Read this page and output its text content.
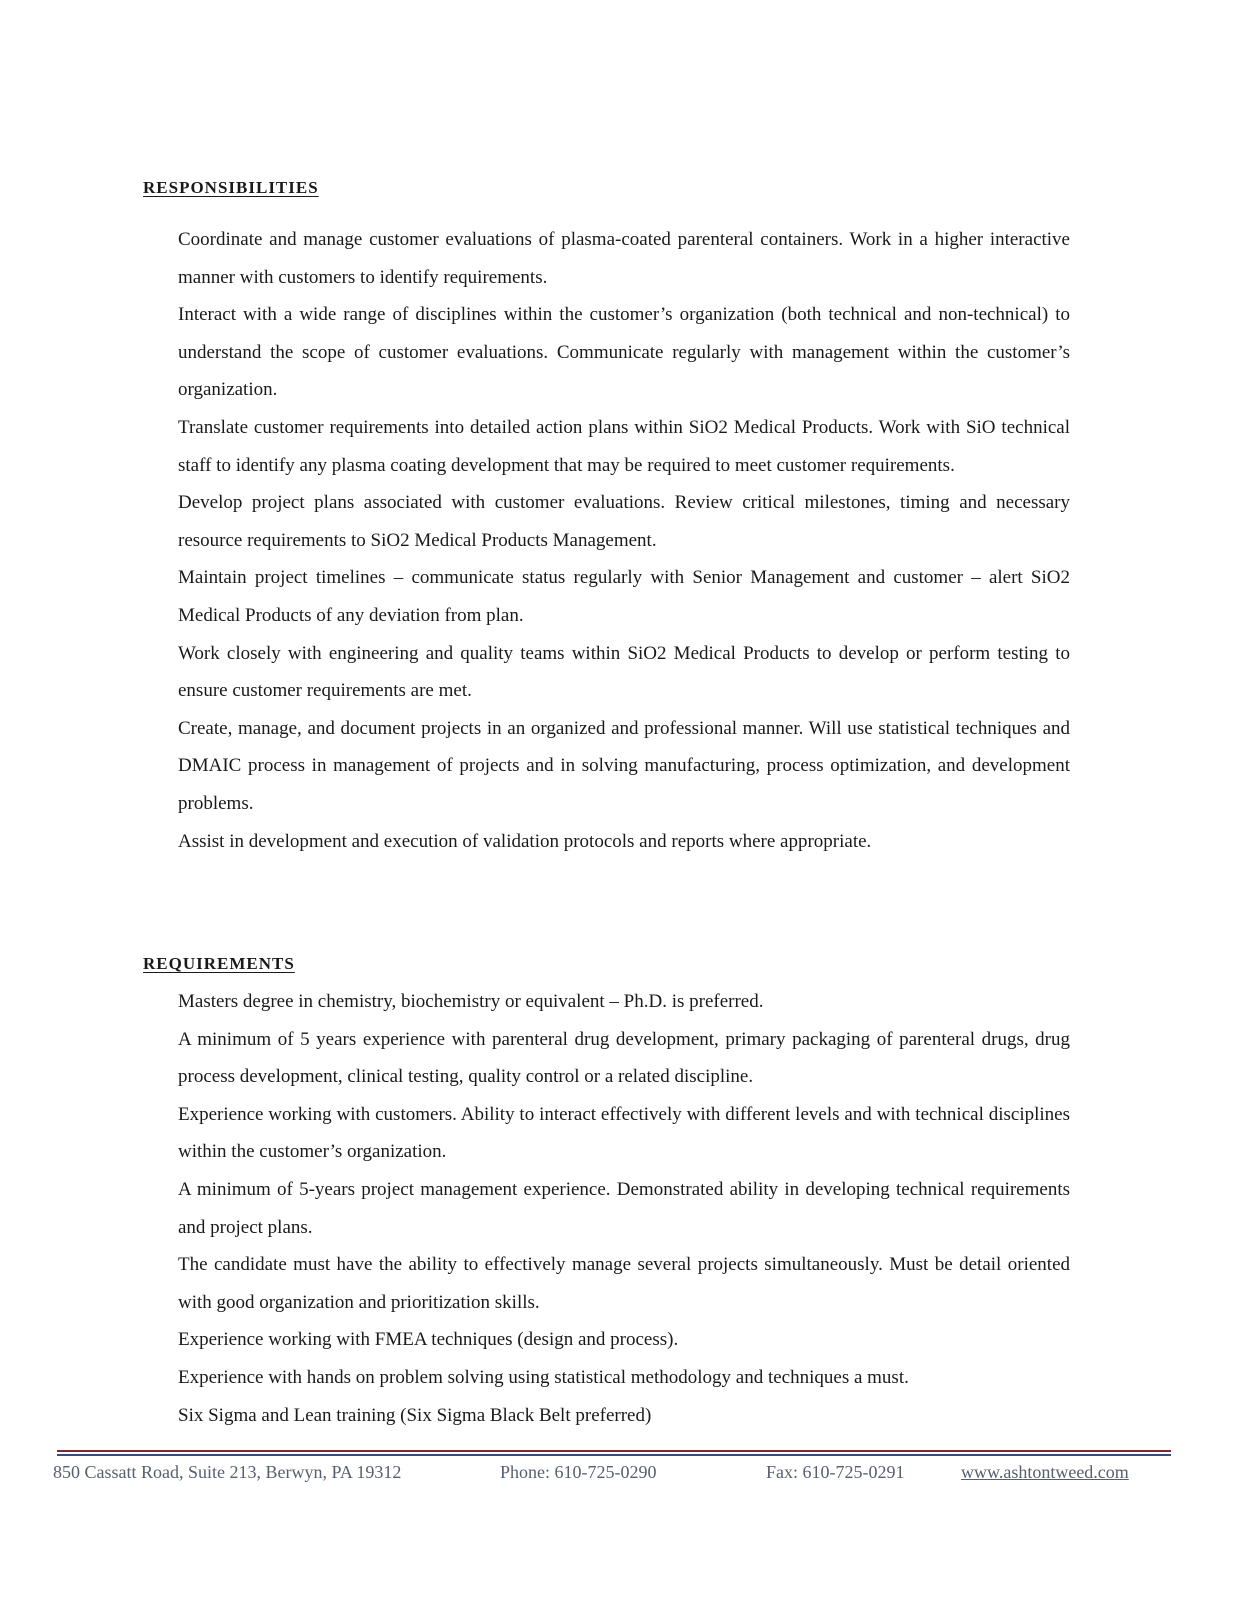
RESPONSIBILITIES
Coordinate and manage customer evaluations of plasma-coated parenteral containers. Work in a higher interactive manner with customers to identify requirements.
Interact with a wide range of disciplines within the customer’s organization (both technical and non-technical) to understand the scope of customer evaluations. Communicate regularly with management within the customer’s organization.
Translate customer requirements into detailed action plans within SiO2 Medical Products. Work with SiO technical staff to identify any plasma coating development that may be required to meet customer requirements.
Develop project plans associated with customer evaluations. Review critical milestones, timing and necessary resource requirements to SiO2 Medical Products Management.
Maintain project timelines – communicate status regularly with Senior Management and customer – alert SiO2 Medical Products of any deviation from plan.
Work closely with engineering and quality teams within SiO2 Medical Products to develop or perform testing to ensure customer requirements are met.
Create, manage, and document projects in an organized and professional manner. Will use statistical techniques and DMAIC process in management of projects and in solving manufacturing, process optimization, and development problems.
Assist in development and execution of validation protocols and reports where appropriate.
REQUIREMENTS
Masters degree in chemistry, biochemistry or equivalent – Ph.D. is preferred.
A minimum of 5 years experience with parenteral drug development, primary packaging of parenteral drugs, drug process development, clinical testing, quality control or a related discipline.
Experience working with customers. Ability to interact effectively with different levels and with technical disciplines within the customer’s organization.
A minimum of 5-years project management experience. Demonstrated ability in developing technical requirements and project plans.
The candidate must have the ability to effectively manage several projects simultaneously. Must be detail oriented with good organization and prioritization skills.
Experience working with FMEA techniques (design and process).
Experience with hands on problem solving using statistical methodology and techniques a must.
Six Sigma and Lean training (Six Sigma Black Belt preferred)
850 Cassatt Road, Suite 213, Berwyn, PA 19312	Phone: 610-725-0290	Fax: 610-725-0291	www.ashtontweed.com
